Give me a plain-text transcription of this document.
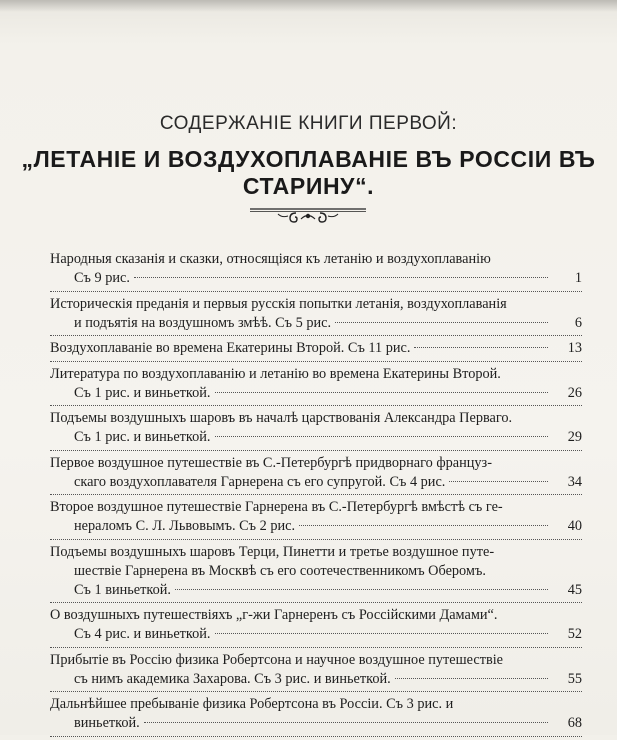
СОДЕРЖАНІЕ КНИГИ ПЕРВОЙ:
„ЛЕТАНІЕ И ВОЗДУХОПЛАВАНІЕ ВЪ РОССІИ ВЪ СТАРИНУ“.
Народныя сказанія и сказки, относящіяся къ летанію и воздухоплаванію
Съ 9 рис.	1
Историческія преданія и первыя русскія попытки летанія, воздухоплаванія
и подъятія на воздушномъ змѣѣ. Съ 5 рис.	6
Воздухоплаваніе во времена Екатерины Второй. Съ 11 рис.	13
Литература по воздухоплаванію и летанію во времена Екатерины Второй.
Съ 1 рис. и виньеткой.	26
Подъемы воздушныхъ шаровъ въ началѣ царствованія Александра Перваго.
Съ 1 рис. и виньеткой.	29
Первое воздушное путешествіе въ С.-Петербургѣ придворнаго француз-
скаго воздухоплавателя Гарнерена съ его супругой. Съ 4 рис.	34
Второе воздушное путешествіе Гарнерена въ С.-Петербургѣ вмѣстѣ съ ге-
нераломъ С. Л. Львовымъ. Съ 2 рис.	40
Подъемы воздушныхъ шаровъ Терци, Пинетти и третье воздушное путе-
шествіе Гарнерена въ Москвѣ съ его соотечественникомъ Оберомъ.
Съ 1 виньеткой.	45
О воздушныхъ путешествіяхъ „г-жи Гарнеренъ съ Россійскими Дамами“.
Съ 4 рис. и виньеткой.	52
Прибытіе въ Россію физика Робертсона и научное воздушное путешествіе
съ нимъ академика Захарова. Съ 3 рис. и виньеткой.	55
Дальнѣйшее пребываніе физика Робертсона въ Россіи. Съ 3 рис. и
виньеткой.	68
